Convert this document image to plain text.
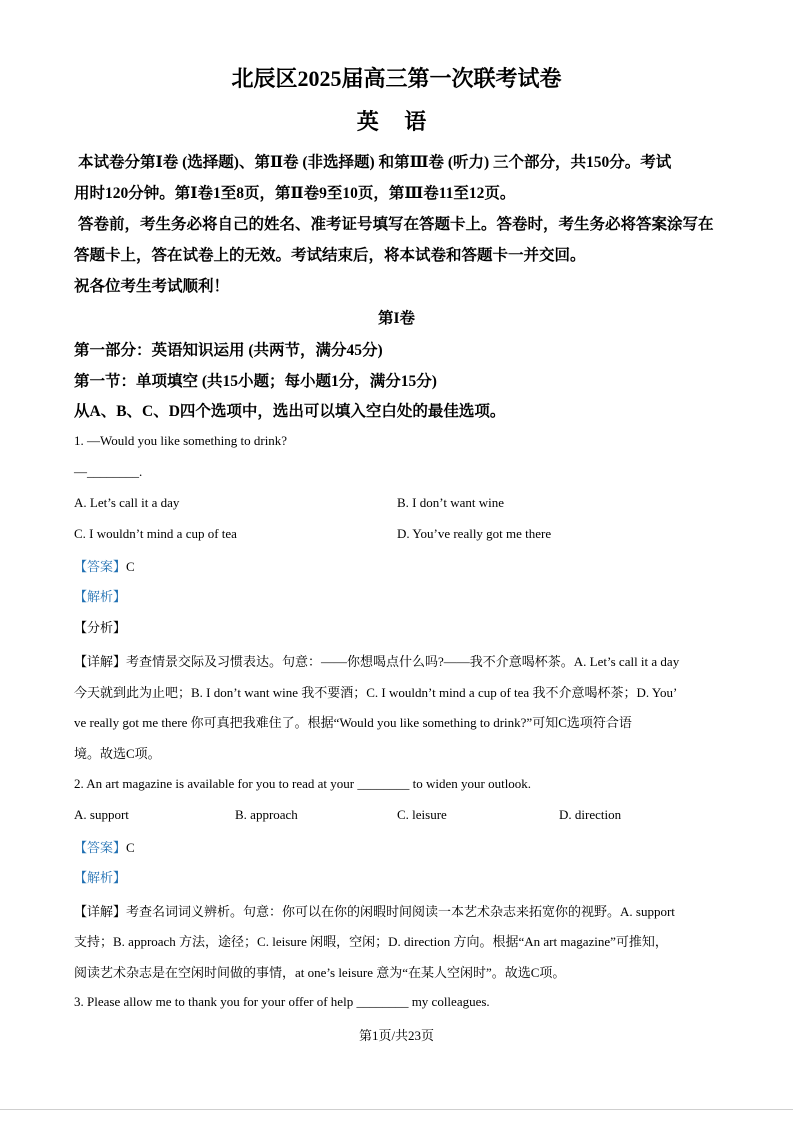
北辰区2025届高三第一次联考试卷
英 语
本试卷分第Ⅰ卷 (选择题)、第Ⅱ卷 (非选择题) 和第Ⅲ卷 (听力) 三个部分，共150分。考试
用时120分钟。第Ⅰ卷1至8页，第Ⅱ卷9至10页，第Ⅲ卷11至12页。
答卷前，考生务必将自己的姓名、准考证号填写在答题卡上。答卷时，考生务必将答案涂写在
答题卡上，答在试卷上的无效。考试结束后，将本试卷和答题卡一并交回。
祝各位考生考试顺利！
第I卷
第一部分：英语知识运用 (共两节，满分45分)
第一节：单项填空 (共15小题；每小题1分，满分15分)
从A、B、C、D四个选项中，选出可以填入空白处的最佳选项。
1. —Would you like something to drink?
—________.
A. Let’s call it a day	B. I don’t want wine
C. I wouldn’t mind a cup of tea	D. You’ve really got me there
【答案】C
【解析】
【分析】
【详解】考查情景交际及习惯表达。句意：——你想喝点什么吗?——我不介意喝杯茶。A. Let’s call it a day
今天就到此为止吧；B. I don’t want wine 我不要酒；C. I wouldn’t mind a cup of tea 我不介意喝杯茶；D. You’
ve really got me there 你可真把我难住了。根据“Would you like something to drink?”可知C选项符合语
境。故选C项。
2. An art magazine is available for you to read at your ________ to widen your outlook.
A. support	B. approach	C. leisure	D. direction
【答案】C
【解析】
【详解】考查名词词义辨析。句意：你可以在你的闲暇时间阅读一本艺术杂志来拓宽你的视野。A. support
支持；B. approach 方法，途径；C. leisure 闲暇，空闲；D. direction 方向。根据“An art magazine”可推知，
阅读艺术杂志是在空闲时间做的事情，at one’s leisure 意为“在某人空闲时”。故选C项。
3. Please allow me to thank you for your offer of help ________ my colleagues.
第1页/共23页
